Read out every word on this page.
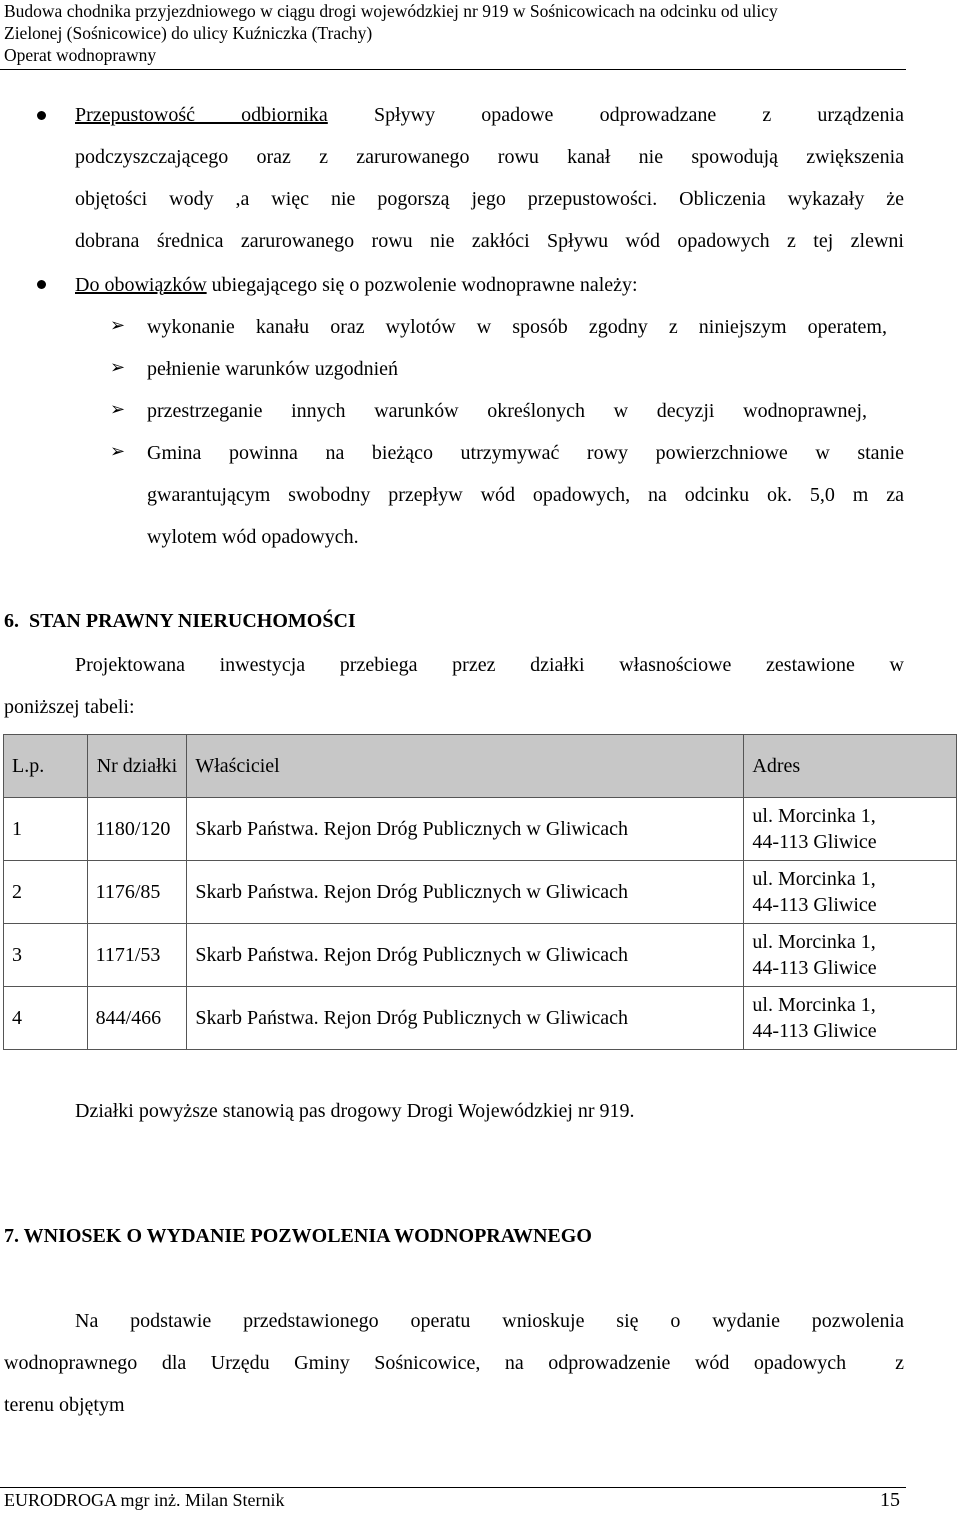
Budowa chodnika przyjezdniowego w ciągu drogi wojewódzkiej nr 919 w Sośnicowicach na odcinku od ulicy
Zielonej (Sośnicowice) do ulicy Kuźniczka (Trachy)
Operat wodnoprawny
Przepustowość odbiornika Spływy opadowe odprowadzane z urządzenia
podczyszczającego oraz z zarurowanego rowu kanał nie spowodują zwiększenia
objętości wody ,a więc nie pogorszą jego przepustowości. Obliczenia wykazały że
dobrana średnica zarurowanego rowu nie zakłóci Spływu wód opadowych z tej zlewni
Do obowiązków ubiegającego się o pozwolenie wodnoprawne należy:
➢ wykonanie kanału oraz wylotów w sposób zgodny z niniejszym operatem,
➢ pełnienie warunków uzgodnień
➢ przestrzeganie innych warunków określonych w decyzji wodnoprawnej,
➢ Gmina powinna na bieżąco utrzymywać rowy powierzchniowe w stanie
gwarantującym swobodny przepływ wód opadowych, na odcinku ok. 5,0 m za
wylotem wód opadowych.
6.  STAN PRAWNY NIERUCHOMOŚCI
Projektowana inwestycja przebiega przez działki własnościowe zestawione w
poniższej tabeli:
L.p.	Nr działki	Właściciel	Adres
1	1180/120	Skarb Państwa. Rejon Dróg Publicznych w Gliwicach	ul. Morcinka 1,
44-113 Gliwice

2	1176/85	Skarb Państwa. Rejon Dróg Publicznych w Gliwicach	ul. Morcinka 1,
44-113 Gliwice

3	1171/53	Skarb Państwa. Rejon Dróg Publicznych w Gliwicach	ul. Morcinka 1,
44-113 Gliwice

4	844/466	Skarb Państwa. Rejon Dróg Publicznych w Gliwicach	ul. Morcinka 1,
44-113 Gliwice
Działki powyższe stanowią pas drogowy Drogi Wojewódzkiej nr 919.
7. WNIOSEK O WYDANIE POZWOLENIA WODNOPRAWNEGO
Na podstawie przedstawionego operatu wnioskuje się o wydanie pozwolenia
wodnoprawnego dla Urzędu Gminy Sośnicowice, na odprowadzenie wód opadowych  z
terenu objętym
EURODROGA mgr inż. Milan Sternik	15
